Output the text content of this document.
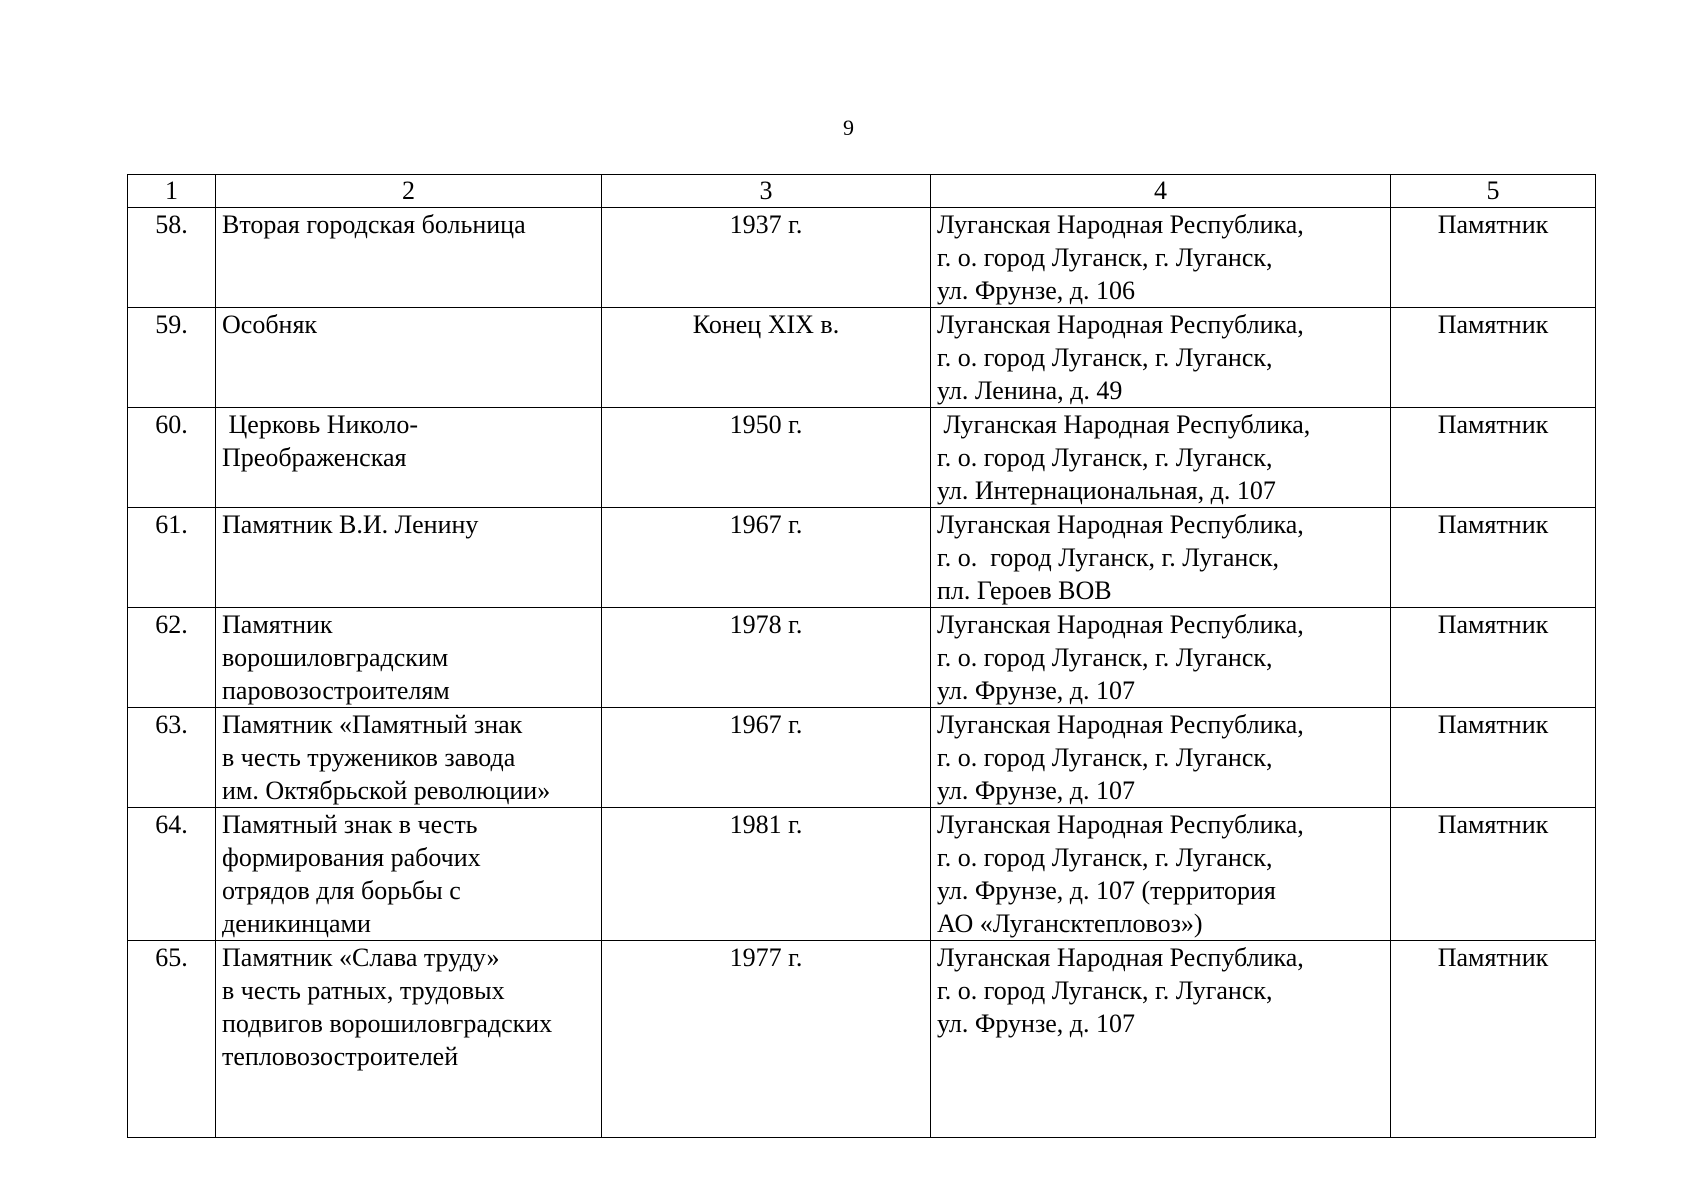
9
1	2	3	4	5
58.	Вторая городская больница	1937 г.	Луганская Народная Республика,
г. о. город Луганск, г. Луганск,
ул. Фрунзе, д. 106	Памятник
59.	Особняк	Конец XIX в.	Луганская Народная Республика,
г. о. город Луганск, г. Луганск,
ул. Ленина, д. 49	Памятник
60.	Церковь Николо-
Преображенская	1950 г.	Луганская Народная Республика,
г. о. город Луганск, г. Луганск,
ул. Интернациональная, д. 107	Памятник
61.	Памятник В.И. Ленину	1967 г.	Луганская Народная Республика,
г. о.  город Луганск, г. Луганск,
пл. Героев ВОВ	Памятник
62.	Памятник
ворошиловградским
паровозостроителям	1978 г.	Луганская Народная Республика,
г. о. город Луганск, г. Луганск,
ул. Фрунзе, д. 107	Памятник
63.	Памятник «Памятный знак
в честь тружеников завода
им. Октябрьской революции»	1967 г.	Луганская Народная Республика,
г. о. город Луганск, г. Луганск,
ул. Фрунзе, д. 107	Памятник
64.	Памятный знак в честь
формирования рабочих
отрядов для борьбы с
деникинцами	1981 г.	Луганская Народная Республика,
г. о. город Луганск, г. Луганск,
ул. Фрунзе, д. 107 (территория
АО «Лугансктепловоз»)	Памятник
65.	Памятник «Слава труду»
в честь ратных, трудовых
подвигов ворошиловградских
тепловозостроителей	1977 г.	Луганская Народная Республика,
г. о. город Луганск, г. Луганск,
ул. Фрунзе, д. 107	Памятник
